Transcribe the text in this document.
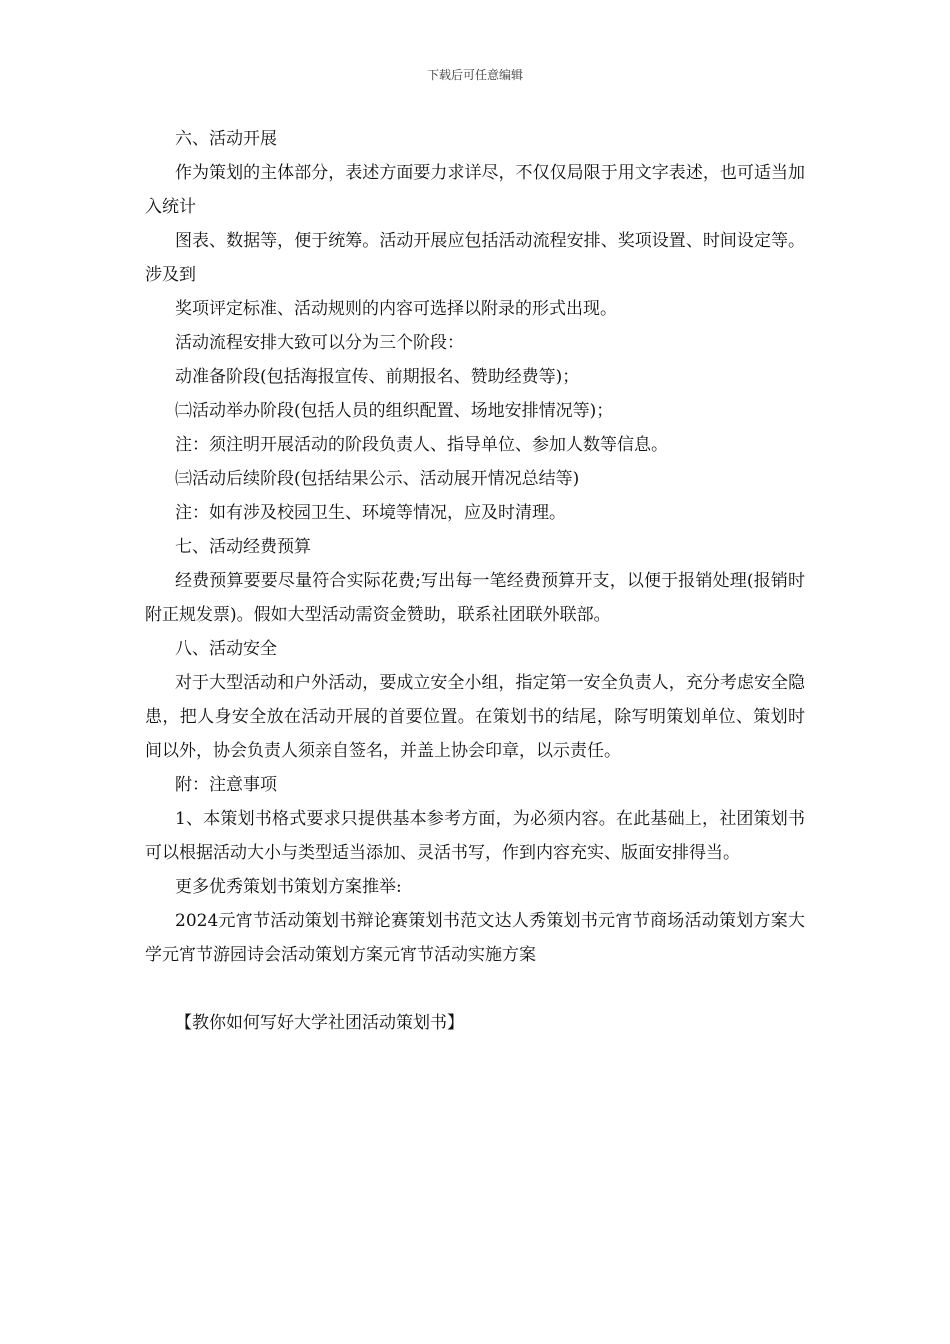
下载后可任意编辑

六、活动开展

作为策划的主体部分，表述方面要力求详尽，不仅仅局限于用文字表述，也可适当加入统计

图表、数据等，便于统筹。活动开展应包括活动流程安排、奖项设置、时间设定等。涉及到

奖项评定标准、活动规则的内容可选择以附录的形式出现。

活动流程安排大致可以分为三个阶段：

动准备阶段(包括海报宣传、前期报名、赞助经费等)；

㈡活动举办阶段(包括人员的组织配置、场地安排情况等)；

注：须注明开展活动的阶段负责人、指导单位、参加人数等信息。

㈢活动后续阶段(包括结果公示、活动展开情况总结等)

注：如有涉及校园卫生、环境等情况，应及时清理。

七、活动经费预算

经费预算要要尽量符合实际花费;写出每一笔经费预算开支，以便于报销处理(报销时附正规发票)。假如大型活动需资金赞助，联系社团联外联部。

八、活动安全

对于大型活动和户外活动，要成立安全小组，指定第一安全负责人，充分考虑安全隐患，把人身安全放在活动开展的首要位置。在策划书的结尾，除写明策划单位、策划时间以外，协会负责人须亲自签名，并盖上协会印章，以示责任。

附：注意事项

1、本策划书格式要求只提供基本参考方面，为必须内容。在此基础上，社团策划书可以根据活动大小与类型适当添加、灵活书写，作到内容充实、版面安排得当。

更多优秀策划书策划方案推举:

2024元宵节活动策划书辩论赛策划书范文达人秀策划书元宵节商场活动策划方案大学元宵节游园诗会活动策划方案元宵节活动实施方案

【教你如何写好大学社团活动策划书】
